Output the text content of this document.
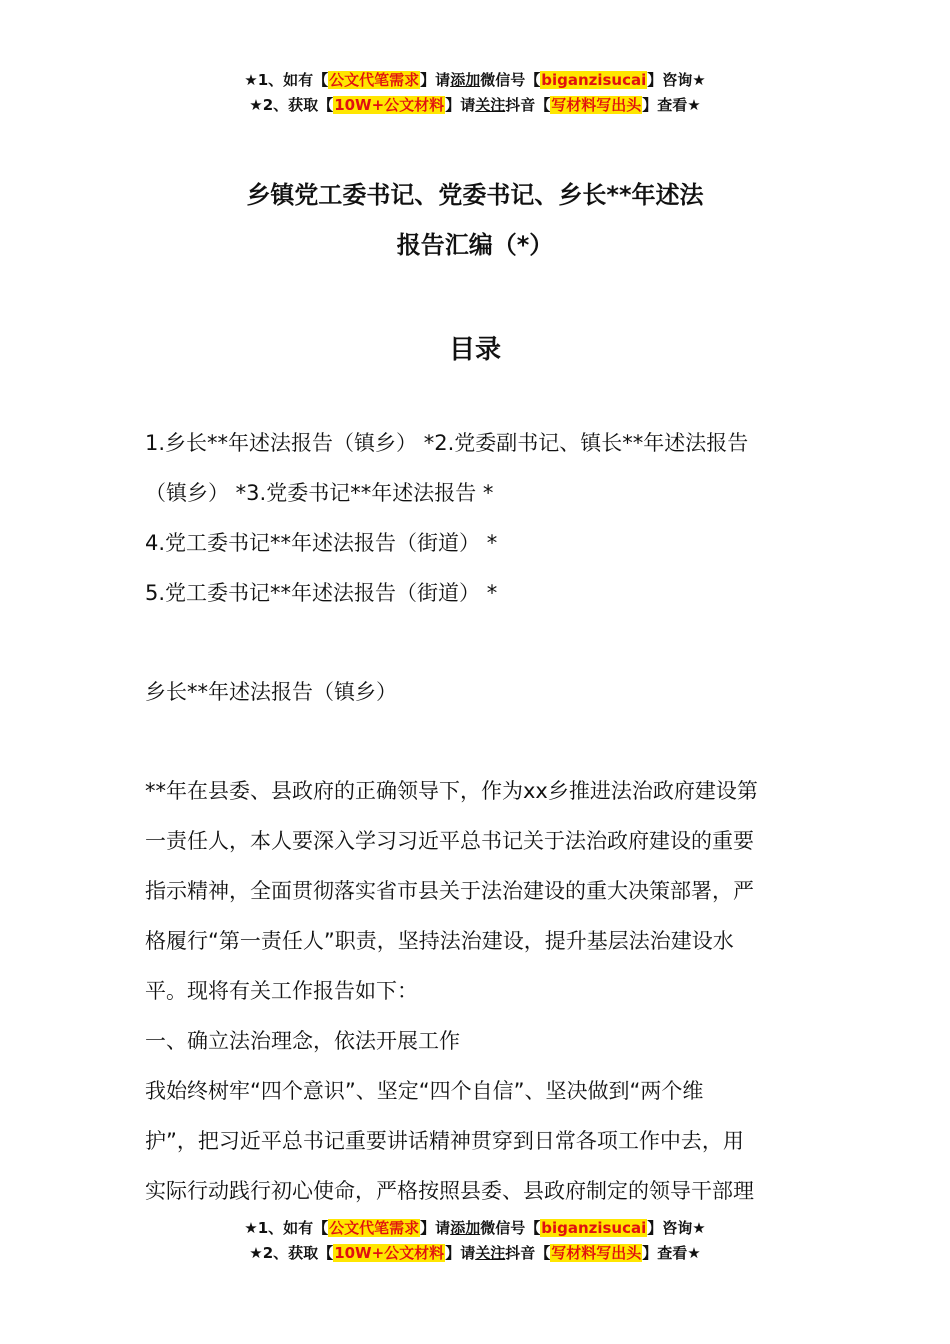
★1、如有【公文代笔需求】请添加微信号【biganzisucai】咨询★
★2、获取【10W+公文材料】请关注抖音【写材料写出头】查看★
乡镇党工委书记、党委书记、乡长**年述法
报告汇编（*）
目录
1.乡长**年述法报告（镇乡） *2.党委副书记、镇长**年述法报告
（镇乡） *3.党委书记**年述法报告 *
4.党工委书记**年述法报告（街道） *
5.党工委书记**年述法报告（街道） *
乡长**年述法报告（镇乡）
**年在县委、县政府的正确领导下，作为xx乡推进法治政府建设第
一责任人，本人要深入学习习近平总书记关于法治政府建设的重要
指示精神，全面贯彻落实省市县关于法治建设的重大决策部署，严
格履行“第一责任人”职责，坚持法治建设，提升基层法治建设水
平。现将有关工作报告如下：
一、确立法治理念，依法开展工作
我始终树牢“四个意识”、坚定“四个自信”、坚决做到“两个维
护”，把习近平总书记重要讲话精神贯穿到日常各项工作中去，用
实际行动践行初心使命，严格按照县委、县政府制定的领导干部理
★1、如有【公文代笔需求】请添加微信号【biganzisucai】咨询★
★2、获取【10W+公文材料】请关注抖音【写材料写出头】查看★
